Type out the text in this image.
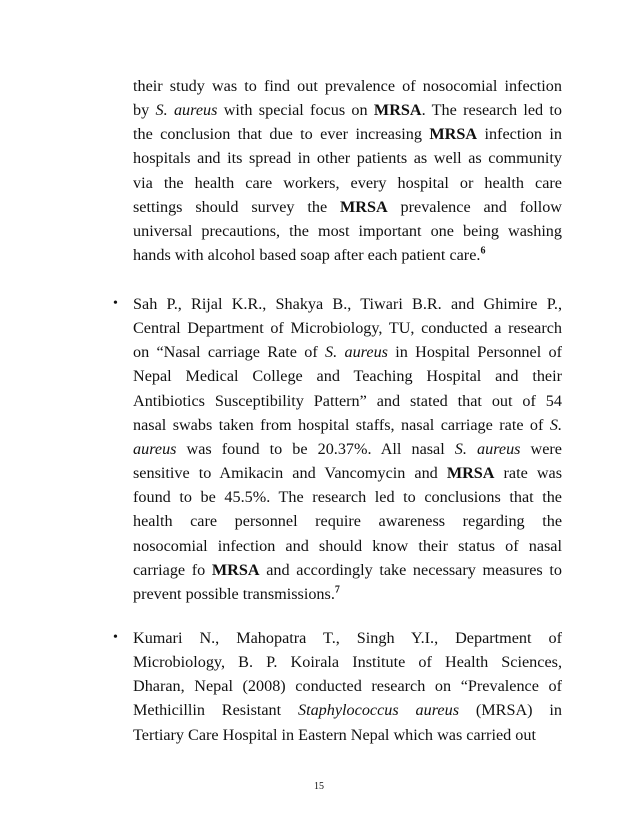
their study was to find out prevalence of nosocomial infection
by S. aureus with special focus on MRSA. The research led to
the conclusion that due to ever increasing MRSA infection in
hospitals and its spread in other patients as well as community
via the health care workers, every hospital or health care
settings should survey the MRSA prevalence and follow
universal precautions, the most important one being washing
hands with alcohol based soap after each patient care.$^6$
• Sah P., Rijal K.R., Shakya B., Tiwari B.R. and Ghimire P.,
Central Department of Microbiology, TU, conducted a research
on “Nasal carriage Rate of S. aureus in Hospital Personnel of
Nepal Medical College and Teaching Hospital and their
Antibiotics Susceptibility Pattern” and stated that out of 54
nasal swabs taken from hospital staffs, nasal carriage rate of S.
aureus was found to be 20.37%. All nasal S. aureus were
sensitive to Amikacin and Vancomycin and MRSA rate was
found to be 45.5%. The research led to conclusions that the
health care personnel require awareness regarding the
nosocomial infection and should know their status of nasal
carriage fo MRSA and accordingly take necessary measures to
prevent possible transmissions.$^7$
• Kumari N., Mahopatra T., Singh Y.I., Department of
Microbiology, B. P. Koirala Institute of Health Sciences,
Dharan, Nepal (2008) conducted research on “Prevalence of
Methicillin Resistant Staphylococcus aureus (MRSA) in
Tertiary Care Hospital in Eastern Nepal which was carried out
15
